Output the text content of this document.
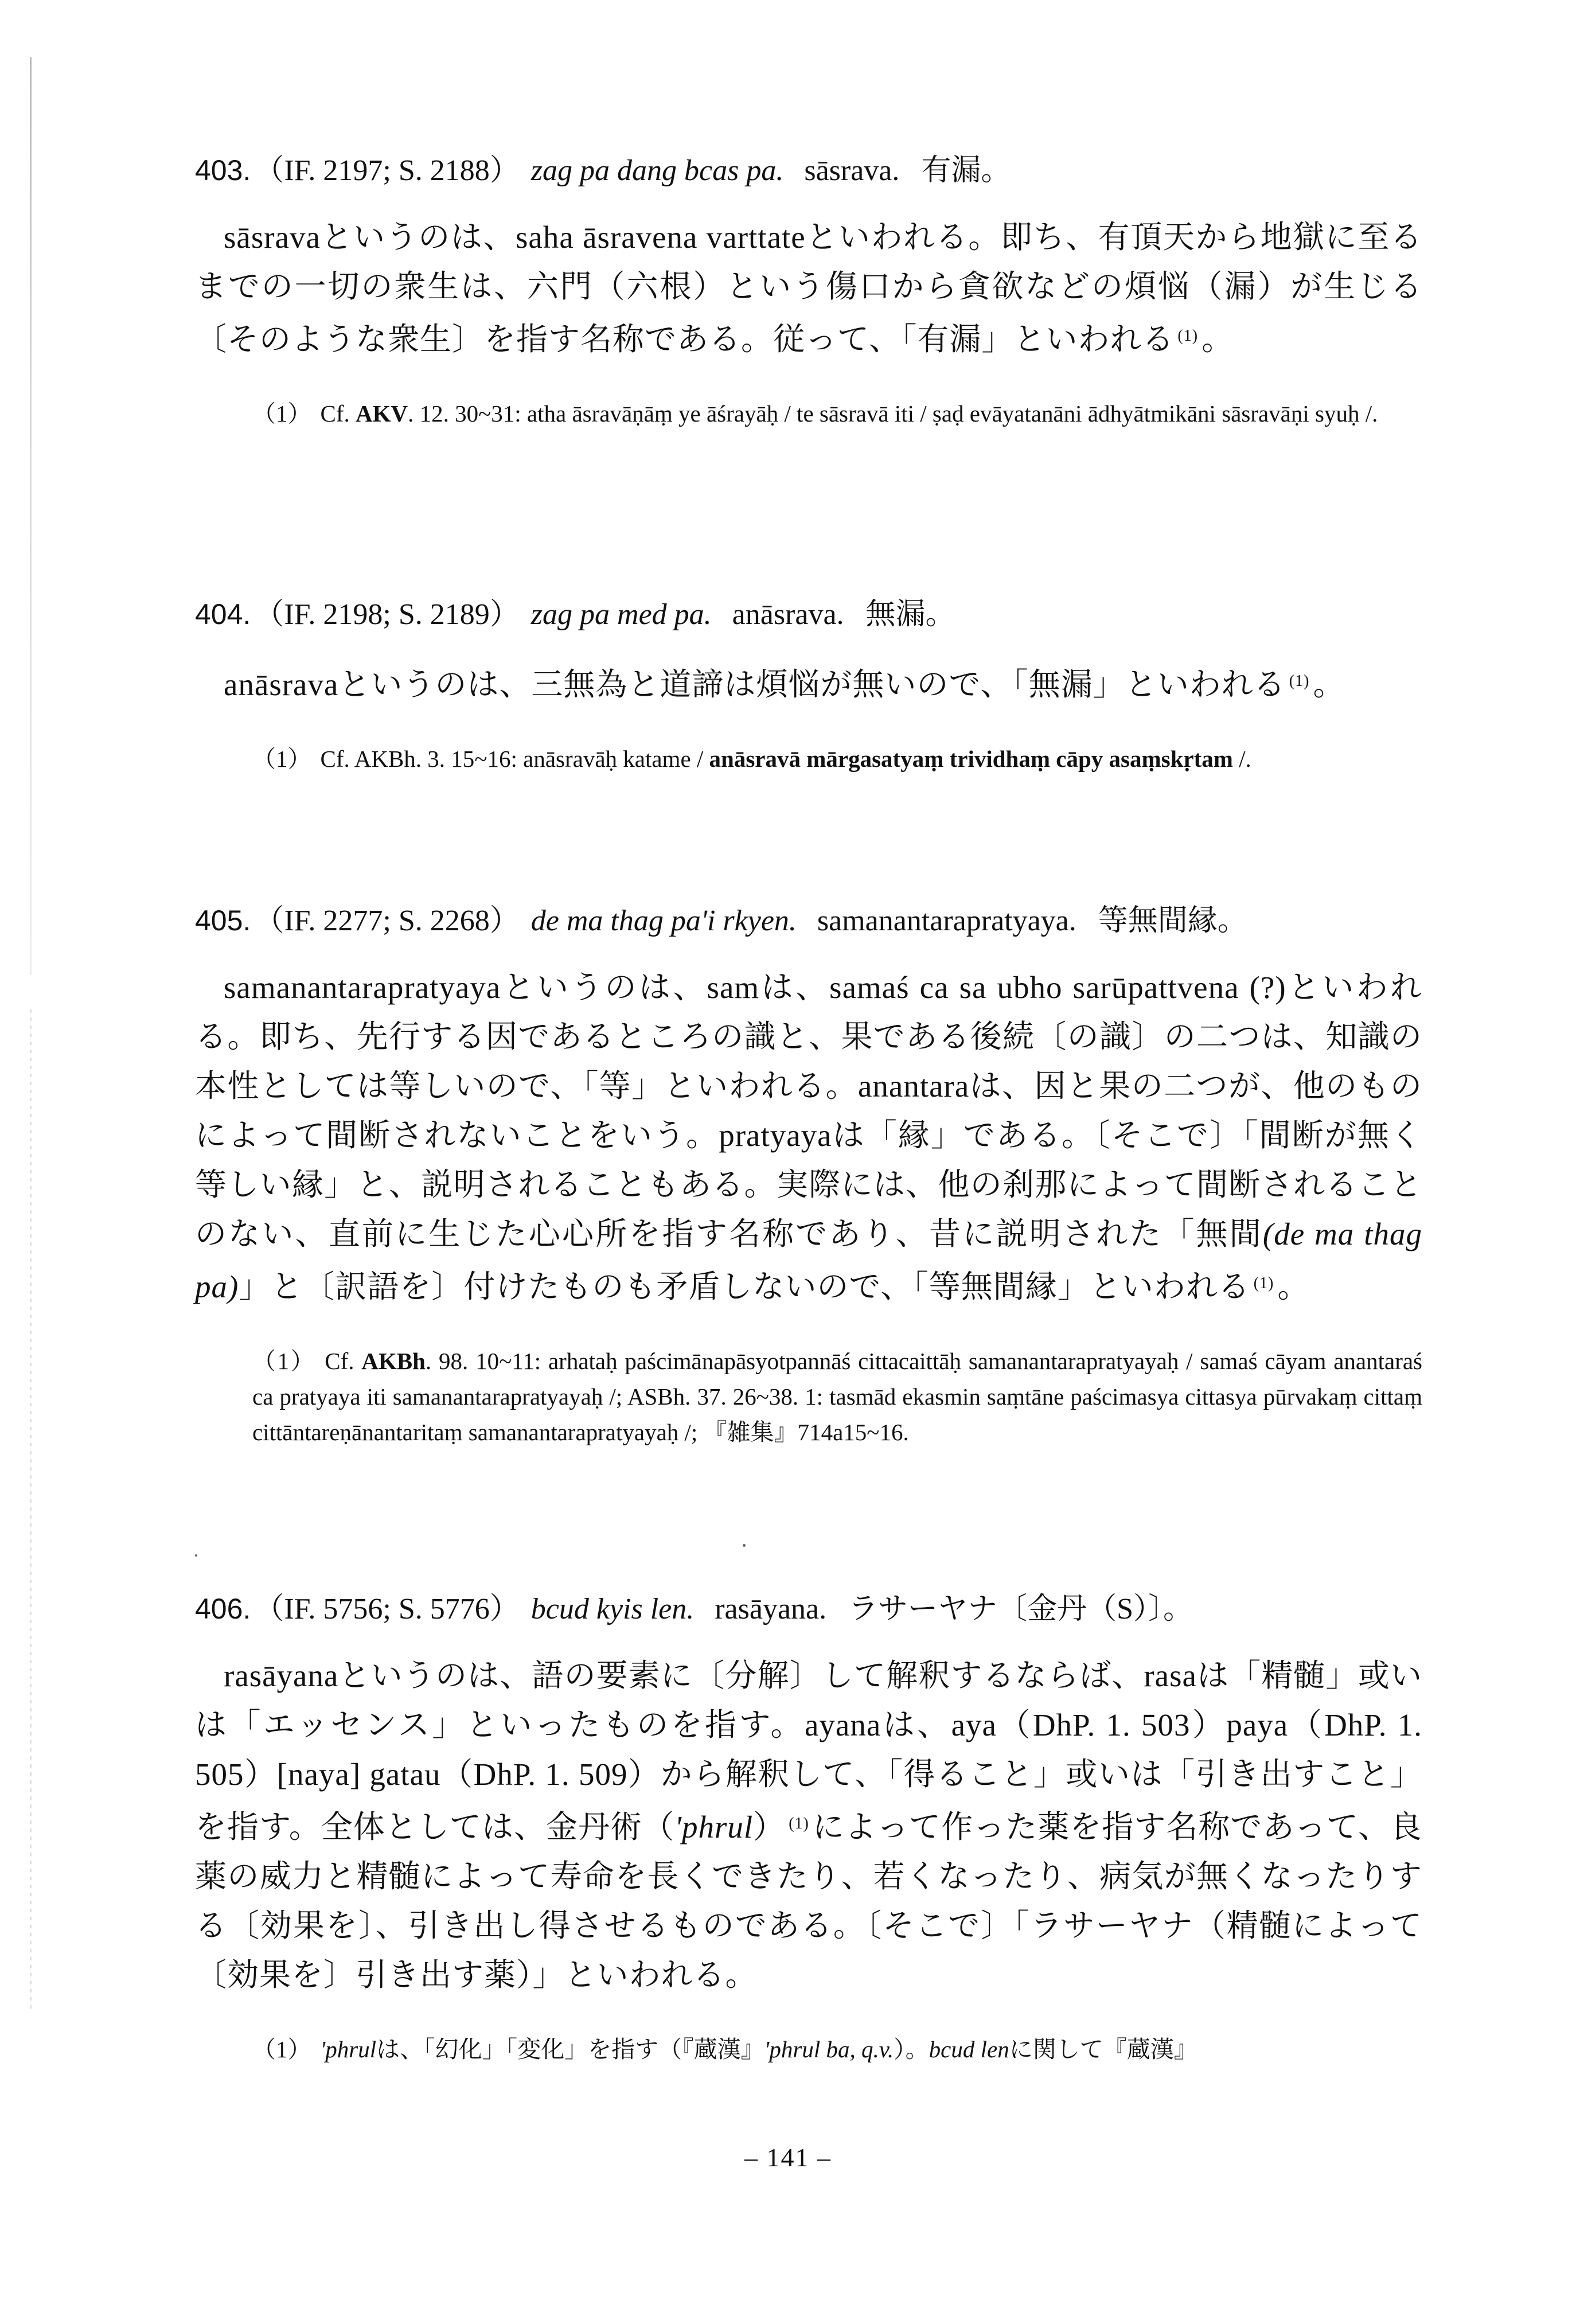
403. （IF. 2197; S. 2188） zag pa dang bcas pa. sāsrava. 有漏。

sāsravaというのは、saha āsravena varttateといわれる。即ち、有頂天から地獄に至るまでの一切の衆生は、六門（六根）という傷口から貪欲などの煩悩（漏）が生じる〔そのような衆生〕を指す名称である。従って、「有漏」といわれる $^{(1)}$ 。

（1） Cf. AKV. 12. 30~31: atha āsravāṇāṃ ye āśrayāḥ / te sāsravā iti / ṣaḍ evāyatanāni ādhyātmikāni sāsravāṇi syuḥ /.

404. （IF. 2198; S. 2189） zag pa med pa. anāsrava. 無漏。

anāsravaというのは、三無為と道諦は煩悩が無いので、「無漏」といわれる $^{(1)}$ 。

（1） Cf. AKBh. 3. 15~16: anāsravāḥ katame / anāsravā mārgasatyaṃ trividhaṃ cāpy asaṃskṛtam /.

405. （IF. 2277; S. 2268） de ma thag pa'i rkyen. samanantarapratyaya. 等無間縁。

samanantarapratyayaというのは、samは、samaś ca sa ubho sarūpattvena (?)といわれる。即ち、先行する因であるところの識と、果である後続〔の識〕の二つは、知識の本性としては等しいので、「等」といわれる。anantaraは、因と果の二つが、他のものによって間断されないことをいう。pratyayaは「縁」である。〔そこで〕「間断が無く等しい縁」と、説明されることもある。実際には、他の刹那によって間断されることのない、直前に生じた心心所を指す名称であり、昔に説明された「無間(de ma thag pa)」と〔訳語を〕付けたものも矛盾しないので、「等無間縁」といわれる $^{(1)}$ 。

（1） Cf. AKBh. 98. 10~11: arhataḥ paścimānapāsyotpannāś cittacaittāḥ samanantarapratyayaḥ / samaś cāyam anantaraś ca pratyaya iti samanantarapratyayaḥ /; ASBh. 37. 26~38. 1: tasmād ekasmin saṃtāne paścimasya cittasya pūrvakaṃ cittaṃ cittāntareṇānantaritaṃ samanantarapratyayaḥ /; 『雑集』714a15~16.

406. （IF. 5756; S. 5776） bcud kyis len. rasāyana. ラサーヤナ〔金丹（S）〕。

rasāyanaというのは、語の要素に〔分解〕して解釈するならば、rasaは「精髄」或いは「エッセンス」といったものを指す。ayanaは、aya（DhP. 1. 503）paya（DhP. 1. 505）[naya] gatau（DhP. 1. 509）から解釈して、「得ること」或いは「引き出すこと」を指す。全体としては、金丹術（'phrul） $^{(1)}$ によって作った薬を指す名称であって、良薬の威力と精髄によって寿命を長くできたり、若くなったり、病気が無くなったりする〔効果を〕、引き出し得させるものである。〔そこで〕「ラサーヤナ（精髄によって〔効果を〕引き出す薬）」といわれる。

（1） 'phrulは、「幻化」「変化」を指す（『蔵漢』'phrul ba, q.v.）。bcud lenに関して『蔵漢』

– 141 –
